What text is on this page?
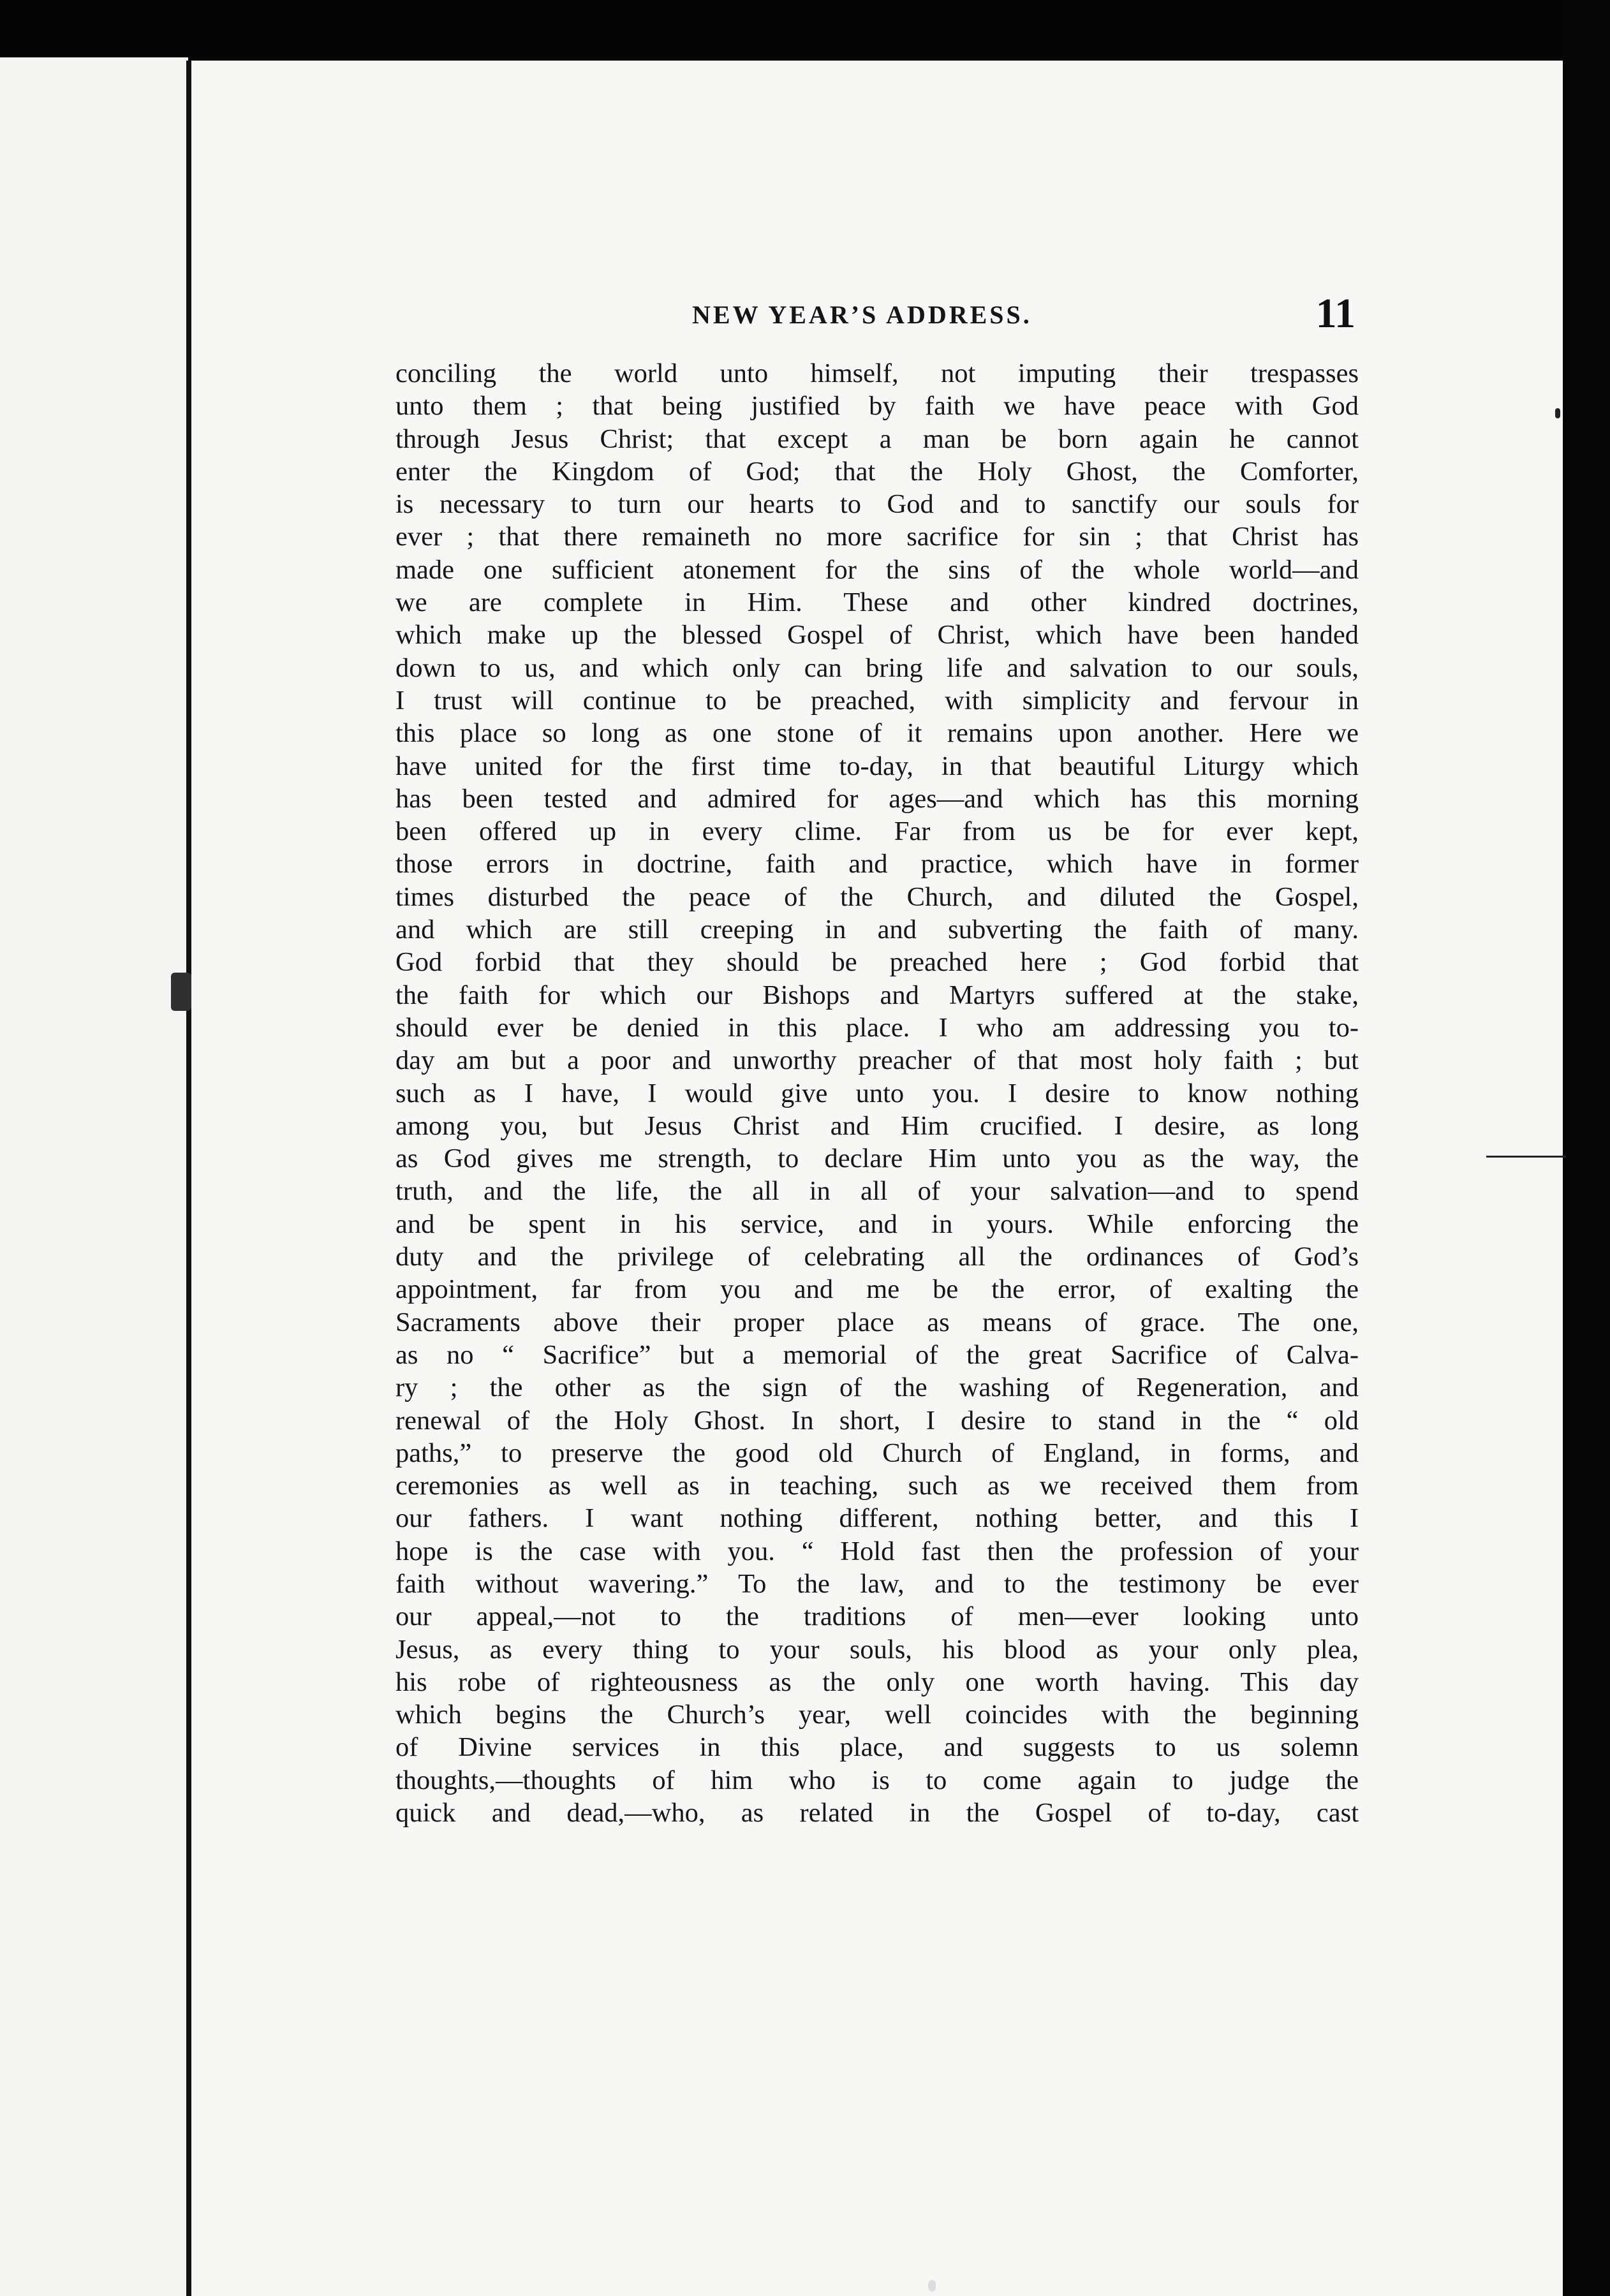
NEW YEAR’S ADDRESS.	11
conciling the world unto himself, not imputing their trespasses
unto them ; that being justified by faith we have peace with God
through Jesus Christ; that except a man be born again he cannot
enter the Kingdom of God; that the Holy Ghost, the Comforter,
is necessary to turn our hearts to God and to sanctify our souls for
ever ; that there remaineth no more sacrifice for sin ; that Christ has
made one sufficient atonement for the sins of the whole world—and
we are complete in Him. These and other kindred doctrines,
which make up the blessed Gospel of Christ, which have been handed
down to us, and which only can bring life and salvation to our souls,
I trust will continue to be preached, with simplicity and fervour in
this place so long as one stone of it remains upon another. Here we
have united for the first time to-day, in that beautiful Liturgy which
has been tested and admired for ages—and which has this morning
been offered up in every clime. Far from us be for ever kept,
those errors in doctrine, faith and practice, which have in former
times disturbed the peace of the Church, and diluted the Gospel,
and which are still creeping in and subverting the faith of many.
God forbid that they should be preached here ; God forbid that
the faith for which our Bishops and Martyrs suffered at the stake,
should ever be denied in this place. I who am addressing you to-
day am but a poor and unworthy preacher of that most holy faith ; but
such as I have, I would give unto you. I desire to know nothing
among you, but Jesus Christ and Him crucified. I desire, as long
as God gives me strength, to declare Him unto you as the way, the
truth, and the life, the all in all of your salvation—and to spend
and be spent in his service, and in yours. While enforcing the
duty and the privilege of celebrating all the ordinances of God’s
appointment, far from you and me be the error, of exalting the
Sacraments above their proper place as means of grace. The one,
as no “ Sacrifice” but a memorial of the great Sacrifice of Calva-
ry ; the other as the sign of the washing of Regeneration, and
renewal of the Holy Ghost. In short, I desire to stand in the “ old
paths,” to preserve the good old Church of England, in forms, and
ceremonies as well as in teaching, such as we received them from
our fathers. I want nothing different, nothing better, and this I
hope is the case with you. “ Hold fast then the profession of your
faith without wavering.” To the law, and to the testimony be ever
our appeal,—not to the traditions of men—ever looking unto
Jesus, as every thing to your souls, his blood as your only plea,
his robe of righteousness as the only one worth having. This day
which begins the Church’s year, well coincides with the beginning
of Divine services in this place, and suggests to us solemn
thoughts,—thoughts of him who is to come again to judge the
quick and dead,—who, as related in the Gospel of to-day, cast
